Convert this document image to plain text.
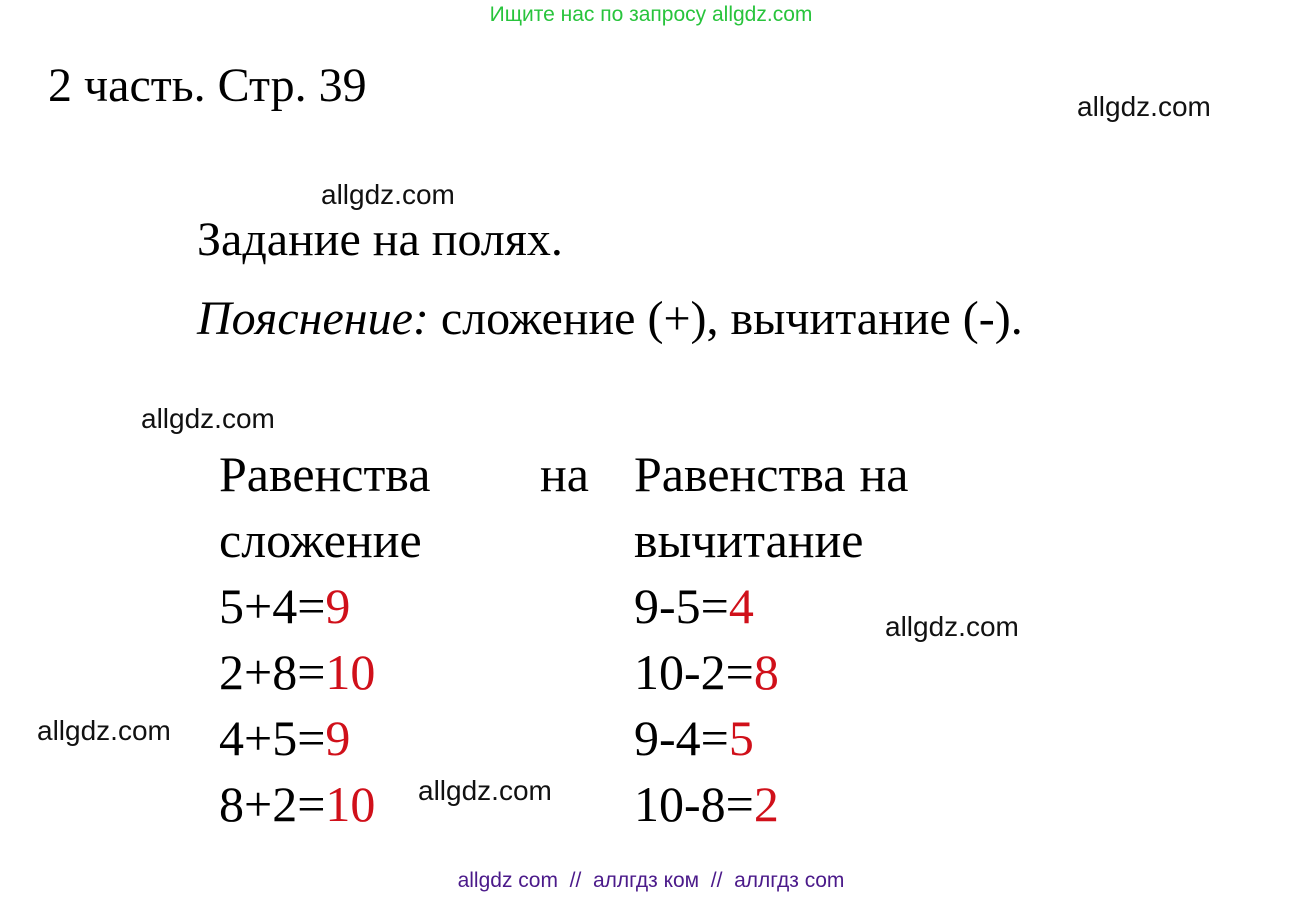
Ищите нас по запросу allgdz.com
2 часть. Стр. 39	allgdz.com
allgdz.com
Задание на полях.
Пояснение: сложение (+), вычитание (-).
allgdz.com
Равенства на
сложение
5+4=9
2+8=10
4+5=9
8+2=10
Равенства на
вычитание
9-5=4
10-2=8
9-4=5
10-8=2
allgdz.com
allgdz.com
allgdz.com
allgdz com  //  аллгдз ком  //  аллгдз com
